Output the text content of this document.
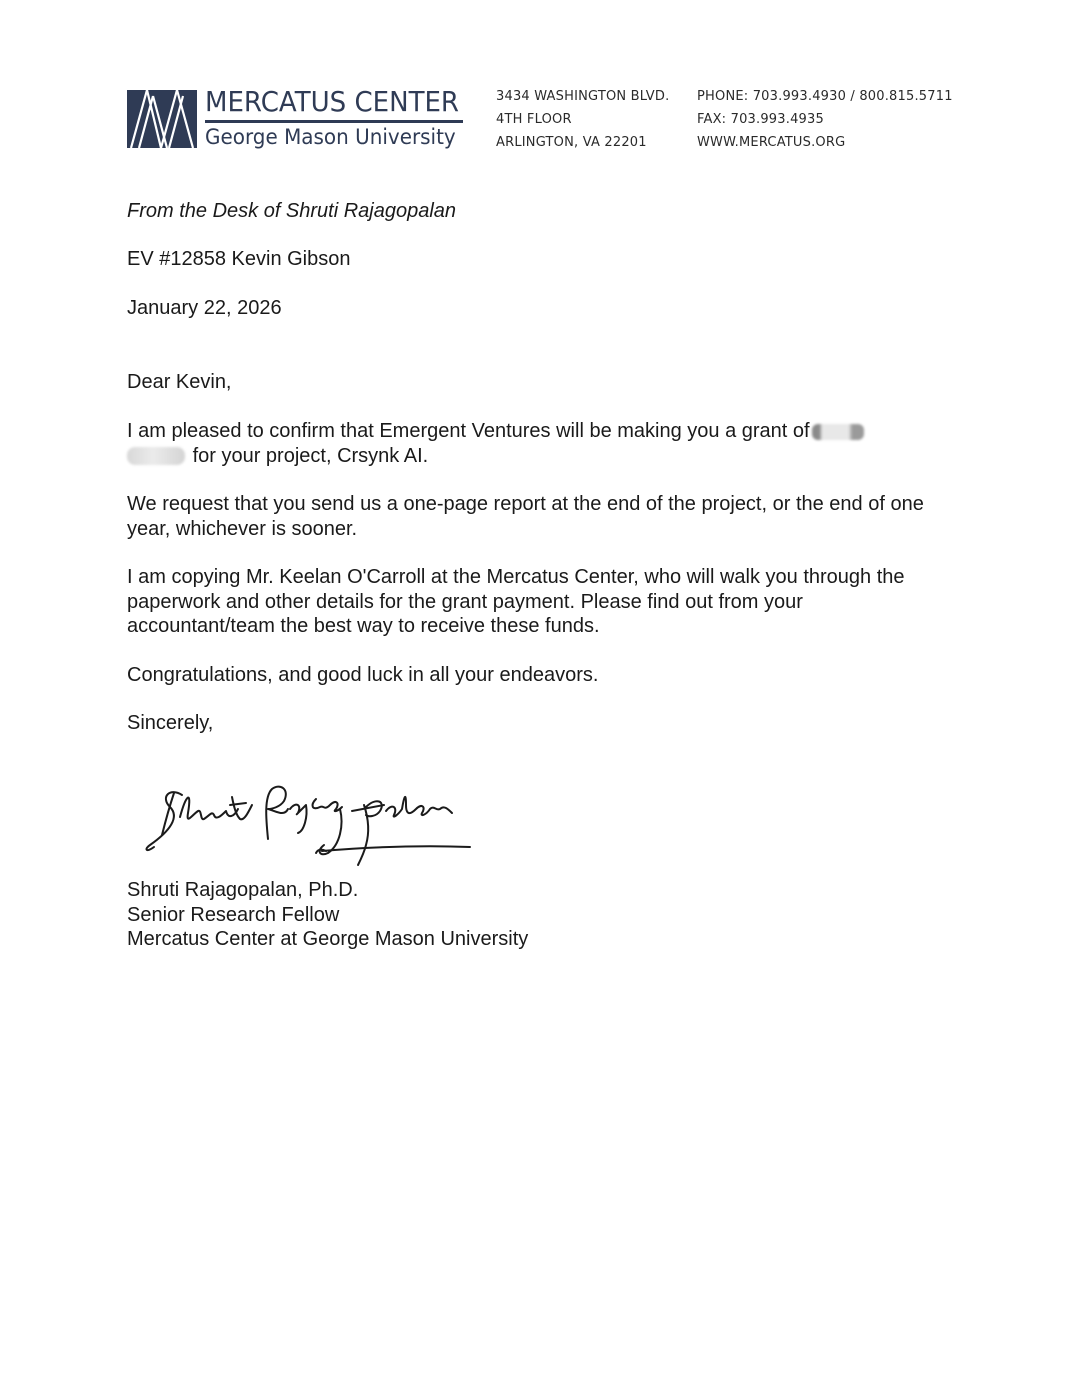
MERCATUS CENTER
George Mason University
3434 WASHINGTON BLVD.
4TH FLOOR
ARLINGTON, VA 22201
PHONE: 703.993.4930 / 800.815.5711
FAX: 703.993.4935
WWW.MERCATUS.ORG
From the Desk of Shruti Rajagopalan
EV #12858 Kevin Gibson
January 22, 2026
Dear Kevin,
I am pleased to confirm that Emergent Ventures will be making you a grant of
for your project, Crsynk AI.
We request that you send us a one-page report at the end of the project, or the end of one year, whichever is sooner.
I am copying Mr. Keelan O'Carroll at the Mercatus Center, who will walk you through the paperwork and other details for the grant payment. Please find out from your accountant/team the best way to receive these funds.
Congratulations, and good luck in all your endeavors.
Sincerely,
Shruti Rajagopalan, Ph.D.
Senior Research Fellow
Mercatus Center at George Mason University
